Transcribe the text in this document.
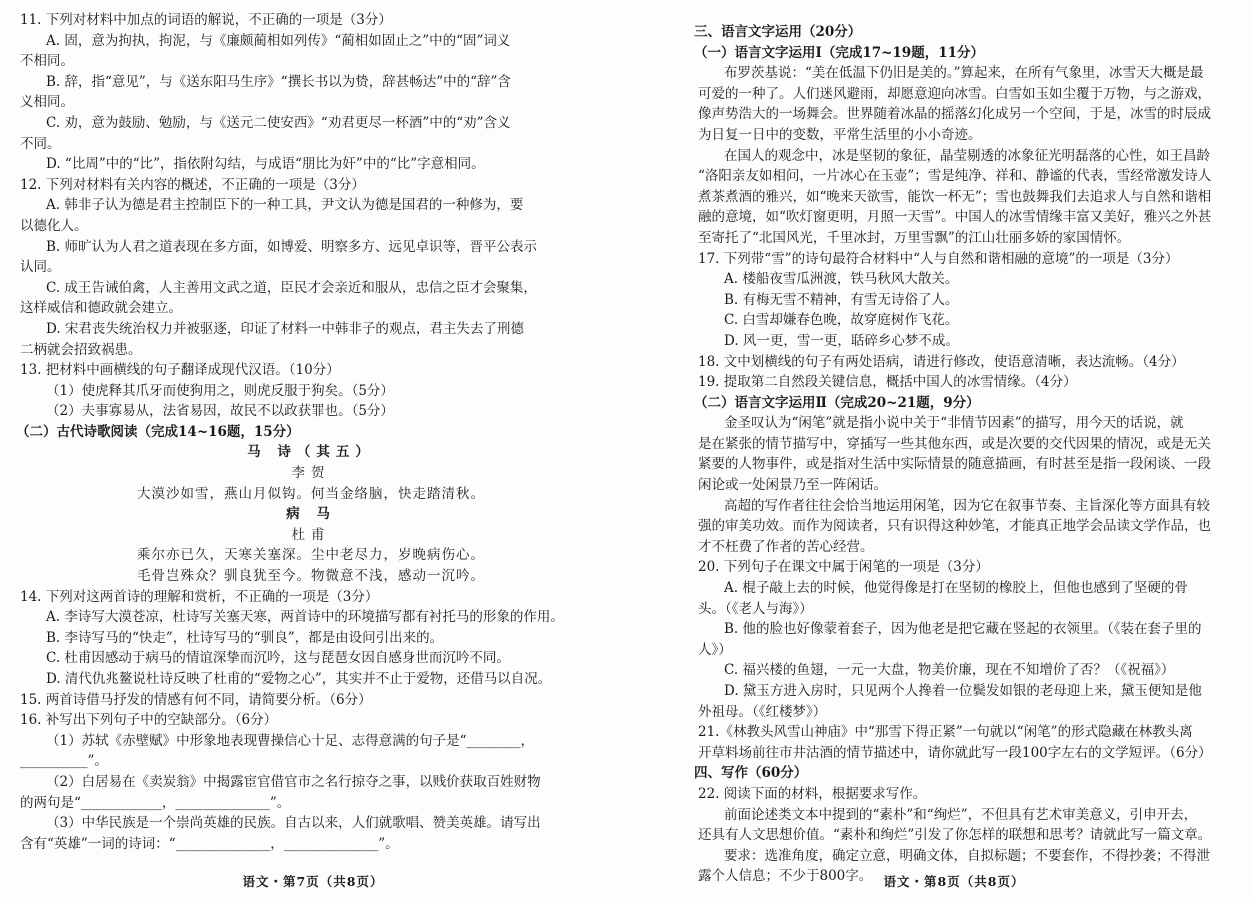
11. 下列对材料中加点的词语的解说，不正确的一项是（3分）
A. 固，意为拘执，拘泥，与《廉颇蔺相如列传》“蔺相如固止之”中的“固”词义
不相同。
B. 辞，指“意见”，与《送东阳马生序》“撰长书以为贽，辞甚畅达”中的“辞”含
义相同。
C. 劝，意为鼓励、勉励，与《送元二使安西》“劝君更尽一杯酒”中的“劝”含义
不同。
D. “比周”中的“比”，指依附勾结，与成语“朋比为奸”中的“比”字意相同。
12. 下列对材料有关内容的概述，不正确的一项是（3分）
A. 韩非子认为德是君主控制臣下的一种工具，尹文认为德是国君的一种修为，要
以德化人。
B. 师旷认为人君之道表现在多方面，如博爱、明察多方、远见卓识等，晋平公表示
认同。
C. 成王告诫伯禽，人主善用文武之道，臣民才会亲近和服从，忠信之臣才会聚集，
这样威信和德政就会建立。
D. 宋君丧失统治权力并被驱逐，印证了材料一中韩非子的观点，君主失去了刑德
二柄就会招致祸患。
13. 把材料中画横线的句子翻译成现代汉语。（10分）
（1）使虎释其爪牙而使狗用之，则虎反服于狗矣。（5分）
（2）夫事寡易从，法省易因，故民不以政获罪也。（5分）
（二）古代诗歌阅读（完成14~16题，15分）
马 诗（其五）
李贺
大漠沙如雪，燕山月似钩。何当金络脑，快走踏清秋。
病 马
杜甫
乘尔亦已久，天寒关塞深。尘中老尽力，岁晚病伤心。
毛骨岂殊众？驯良犹至今。物微意不浅，感动一沉吟。
14. 下列对这两首诗的理解和赏析，不正确的一项是（3分）
A. 李诗写大漠苍凉，杜诗写关塞天寒，两首诗中的环境描写都有衬托马的形象的作用。
B. 李诗写马的“快走”，杜诗写马的“驯良”，都是由设问引出来的。
C. 杜甫因感动于病马的情谊深挚而沉吟，这与琵琶女因自感身世而沉吟不同。
D. 清代仇兆鳌说杜诗反映了杜甫的“爱物之心”，其实并不止于爱物，还借马以自况。
15. 两首诗借马抒发的情感有何不同，请简要分析。（6分）
16. 补写出下列句子中的空缺部分。（6分）
（1）苏轼《赤壁赋》中形象地表现曹操信心十足、志得意满的句子是“________，
__________”。
（2）白居易在《卖炭翁》中揭露宦官借官市之名行掠夺之事，以贱价获取百姓财物
的两句是“____________，______________”。
（3）中华民族是一个崇尚英雄的民族。自古以来，人们就歌唱、赞美英雄。请写出
含有“英雄”一词的诗词：“______________，______________”。
语文・第7页（共8页）
三、语言文字运用（20分）
（一）语言文字运用Ⅰ（完成17~19题，11分）
布罗茨基说：“美在低温下仍旧是美的。”算起来，在所有气象里，冰雪天大概是最
可爱的一种了。人们迷风避雨，却愿意迎向冰雪。白雪如玉如尘覆于万物，与之游戏，
像声势浩大的一场舞会。世界随着冰晶的摇落幻化成另一个空间，于是，冰雪的时辰成
为日复一日中的变数，平常生活里的小小奇迹。
在国人的观念中，冰是坚韧的象征，晶莹剔透的冰象征光明磊落的心性，如王昌龄
“洛阳亲友如相问，一片冰心在玉壶”；雪是纯净、祥和、静谧的代表，雪经常激发诗人
煮茶煮酒的雅兴，如“晚来天欲雪，能饮一杯无”；雪也鼓舞我们去追求人与自然和谐相
融的意境，如“吹灯窗更明，月照一天雪”。中国人的冰雪情缘丰富又美好，雅兴之外甚
至寄托了“北国风光，千里冰封，万里雪飘”的江山壮丽多娇的家国情怀。
17. 下列带“雪”的诗句最符合材料中“人与自然和谐相融的意境”的一项是（3分）
A. 楼船夜雪瓜洲渡，铁马秋风大散关。
B. 有梅无雪不精神，有雪无诗俗了人。
C. 白雪却嫌春色晚，故穿庭树作飞花。
D. 风一更，雪一更，聒碎乡心梦不成。
18. 文中划横线的句子有两处语病，请进行修改，使语意清晰，表达流畅。（4分）
19. 提取第二自然段关键信息，概括中国人的冰雪情缘。（4分）
（二）语言文字运用Ⅱ（完成20~21题，9分）
金圣叹认为“闲笔”就是指小说中关于“非情节因素”的描写，用今天的话说，就
是在紧张的情节描写中，穿插写一些其他东西，或是次要的交代因果的情况，或是无关
紧要的人物事件，或是指对生活中实际情景的随意描画，有时甚至是指一段闲谈、一段
闲论或一处闲景乃至一阵闲话。
高超的写作者往往会恰当地运用闲笔，因为它在叙事节奏、主旨深化等方面具有较
强的审美功效。而作为阅读者，只有识得这种妙笔，才能真正地学会品读文学作品，也
才不枉费了作者的苦心经营。
20. 下列句子在课文中属于闲笔的一项是（3分）
A. 棍子敲上去的时候，他觉得像是打在坚韧的橡胶上，但他也感到了坚硬的骨
头。（《老人与海》）
B. 他的脸也好像蒙着套子，因为他老是把它藏在竖起的衣领里。（《装在套子里的
人》）
C. 福兴楼的鱼翅，一元一大盘，物美价廉，现在不知增价了否？（《祝福》）
D. 黛玉方进入房时，只见两个人搀着一位鬓发如银的老母迎上来，黛玉便知是他
外祖母。（《红楼梦》）
21.《林教头风雪山神庙》中“那雪下得正紧”一句就以“闲笔”的形式隐藏在林教头离
开草料场前往市井沽酒的情节描述中，请你就此写一段100字左右的文学短评。（6分）
四、写作（60分）
22. 阅读下面的材料，根据要求写作。
前面论述类文本中提到的“素朴”和“绚烂”，不但具有艺术审美意义，引申开去，
还具有人文思想价值。“素朴和绚烂”引发了你怎样的联想和思考？请就此写一篇文章。
要求：选准角度，确定立意，明确文体，自拟标题；不要套作，不得抄袭；不得泄
露个人信息；不少于800字。 语文・第8页（共8页）
